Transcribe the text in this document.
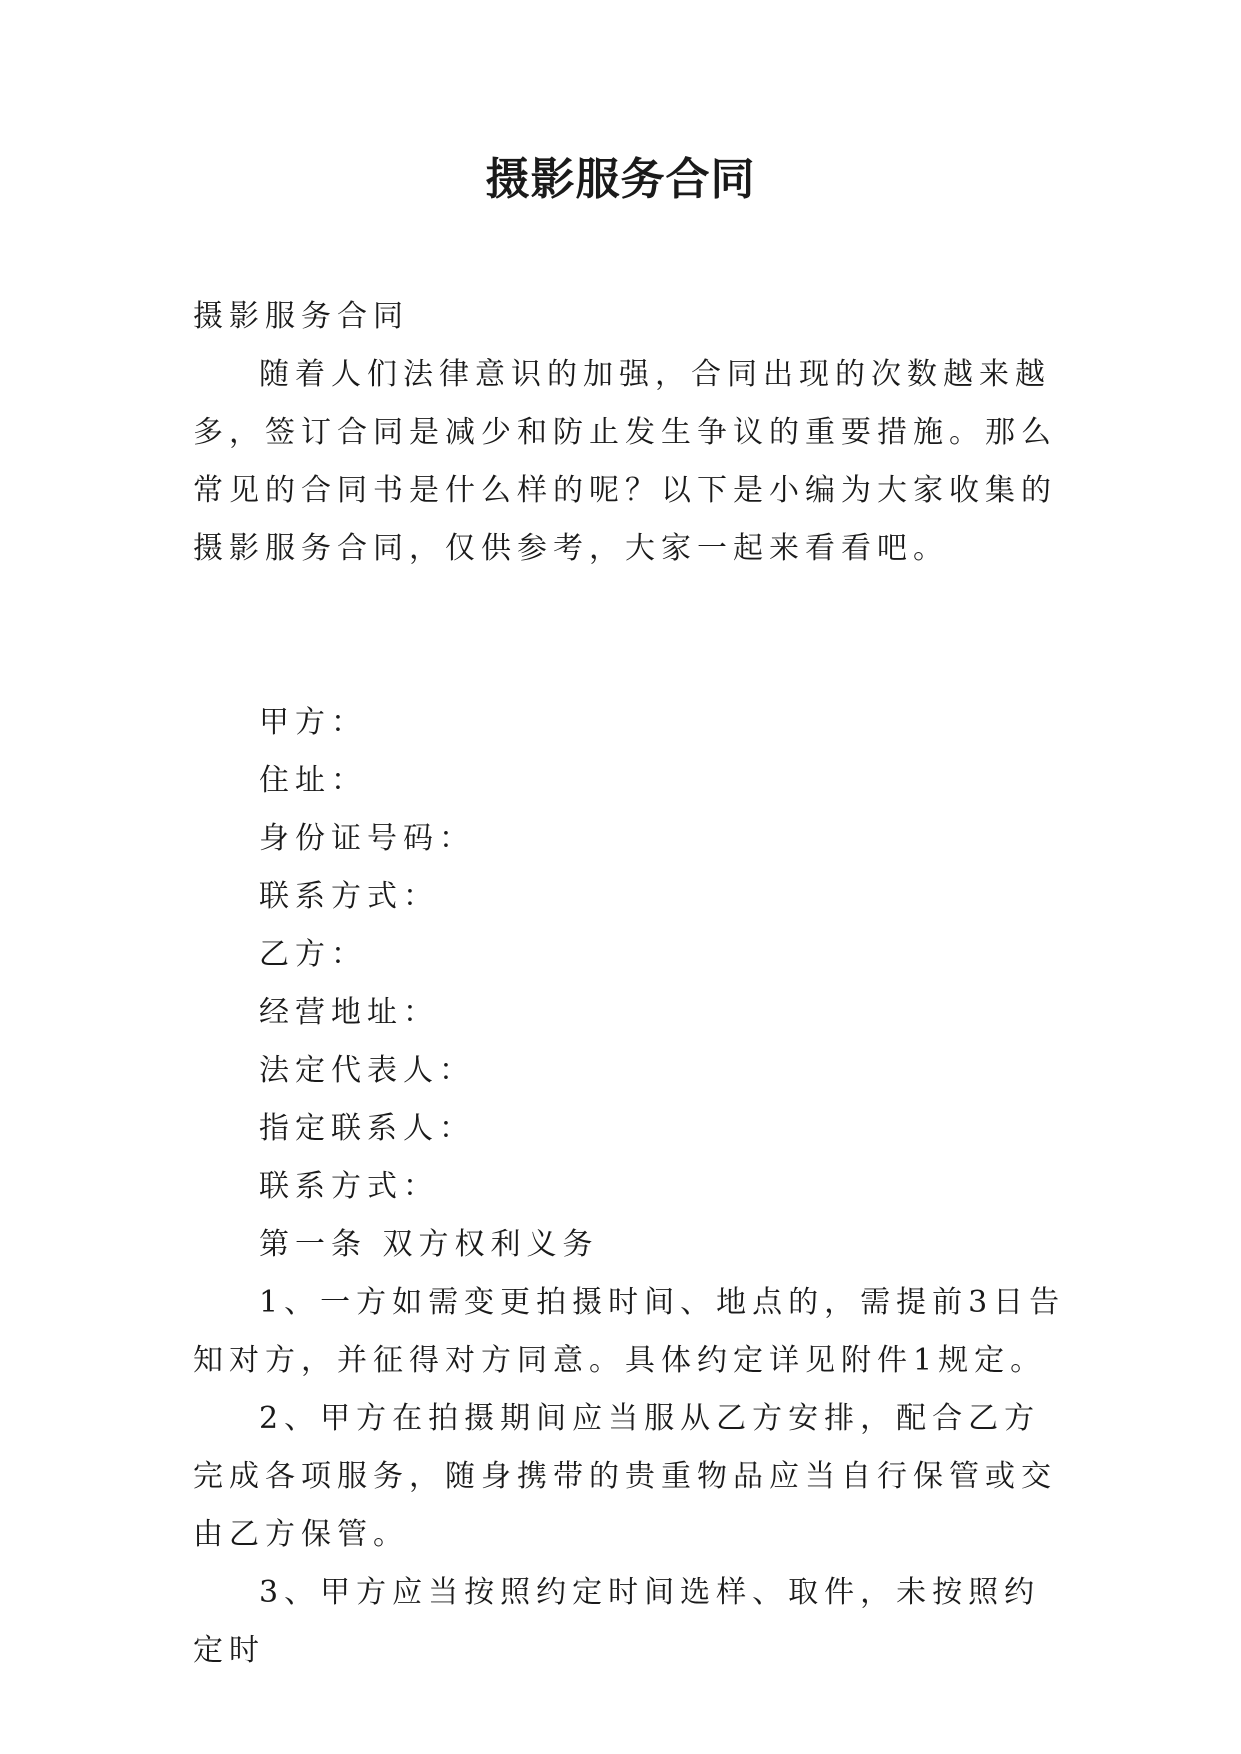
摄影服务合同

摄影服务合同

随着人们法律意识的加强，合同出现的次数越来越多，签订合同是减少和防止发生争议的重要措施。那么常见的合同书是什么样的呢？以下是小编为大家收集的摄影服务合同，仅供参考，大家一起来看看吧。

甲方：

住址：

身份证号码：

联系方式：

乙方：

经营地址：

法定代表人：

指定联系人：

联系方式：

第一条 双方权利义务

1、一方如需变更拍摄时间、地点的，需提前3日告知对方，并征得对方同意。具体约定详见附件1规定。

2、甲方在拍摄期间应当服从乙方安排，配合乙方完成各项服务，随身携带的贵重物品应当自行保管或交由乙方保管。

3、甲方应当按照约定时间选样、取件，未按照约定时
